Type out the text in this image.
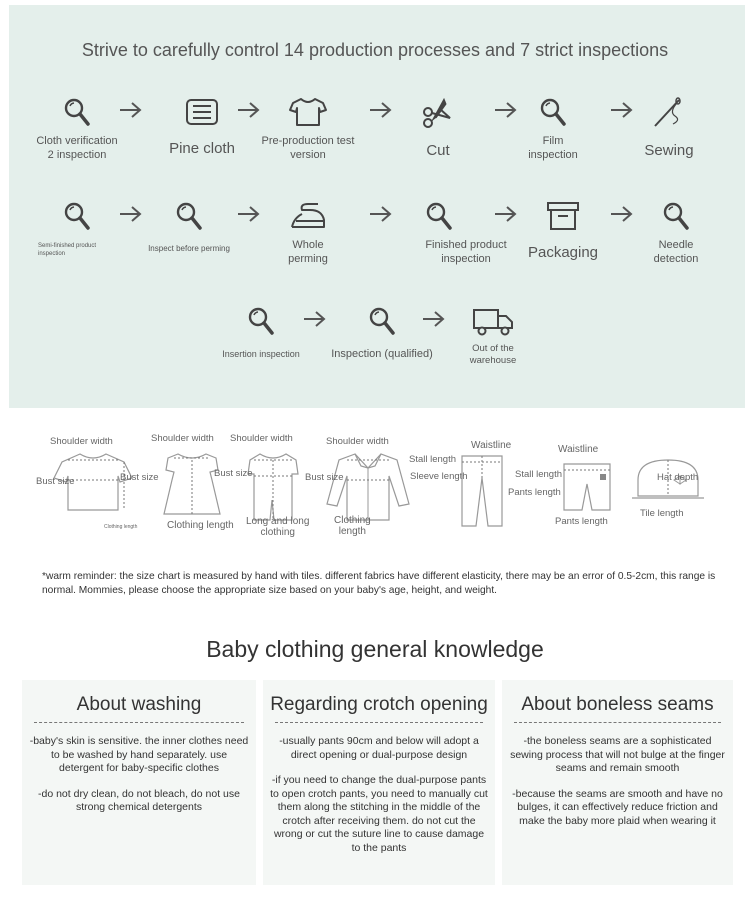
Strive to carefully control 14 production processes and 7 strict inspections
Cloth verification
2 inspection	Pine cloth	Pre-production test
version	Cut
Film
inspection	Sewing
Semi-finished product
inspection
Inspect before perming	Whole
perming
Finished product
inspection	Packaging	Needle
detection
Insertion inspection	Inspection (qualified)	Out of the
warehouse
Shoulder width
Bust size	Bust size
Clothing length
Shoulder width
Clothing length
Shoulder width
Bust size
Long and long
clothing
Shoulder width
Bust size
Clothing
length
Stall length
Sleeve length
Waistline
Stall length
Pants length
Waistline
Pants length
Hat depth
Tile length
*warm reminder: the size chart is measured by hand with tiles. different fabrics have different elasticity, there may be an error of 0.5-2cm, this range is normal. Mommies, please choose the appropriate size based on your baby's age, height, and weight.
Baby clothing general knowledge
About washing

-baby's skin is sensitive. the inner clothes need to be washed by hand separately. use detergent for baby-specific clothes

-do not dry clean, do not bleach, do not use strong chemical detergents

Regarding crotch opening

-usually pants 90cm and below will adopt a direct opening or dual-purpose design

-if you need to change the dual-purpose pants to open crotch pants, you need to manually cut them along the stitching in the middle of the crotch after receiving them. do not cut the wrong or cut the suture line to cause damage to the pants

About boneless seams

-the boneless seams are a sophisticated sewing process that will not bulge at the finger seams and remain smooth

-because the seams are smooth and have no bulges, it can effectively reduce friction and make the baby more plaid when wearing it
